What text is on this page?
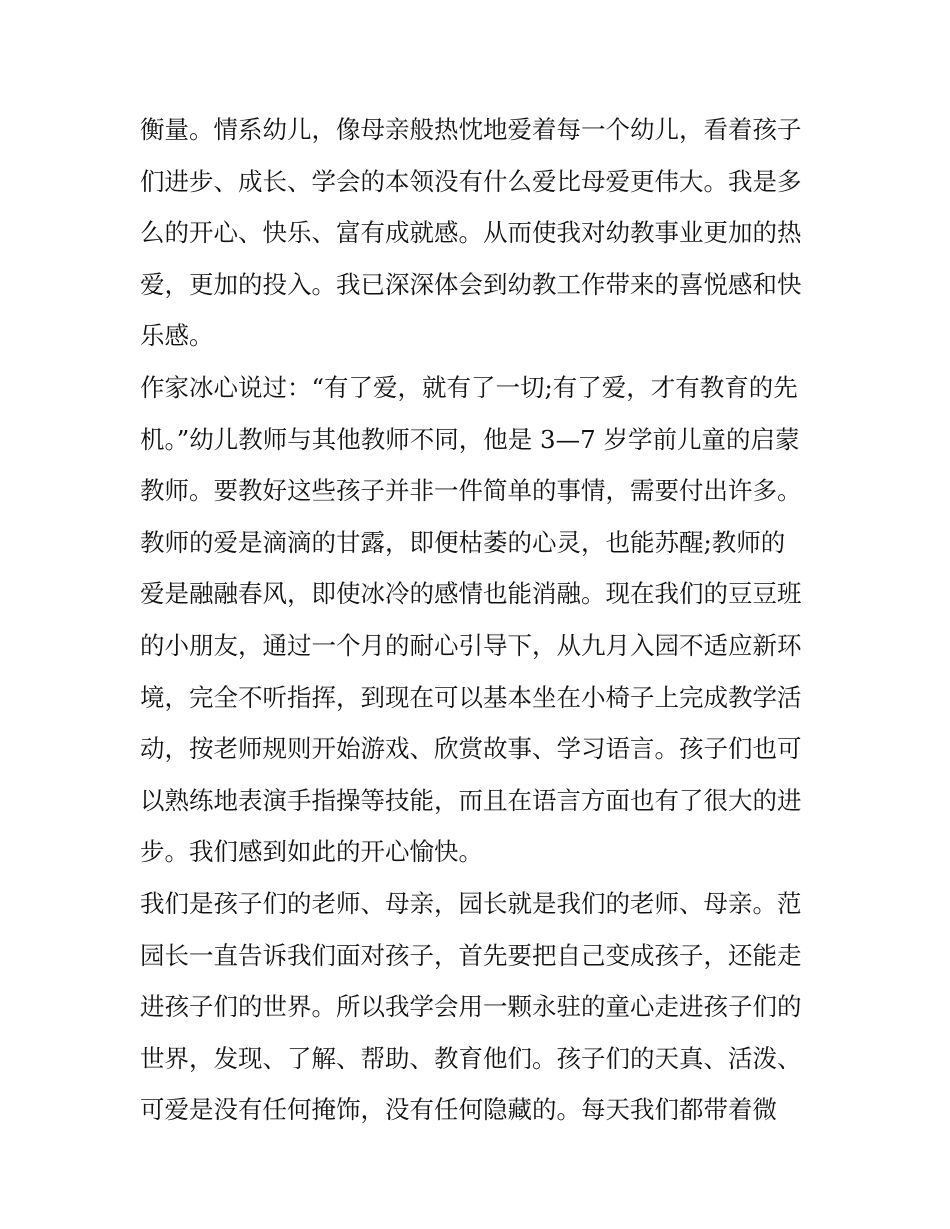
衡量。情系幼儿，像母亲般热忱地爱着每一个幼儿，看着孩子
们进步、成长、学会的本领没有什么爱比母爱更伟大。我是多
么的开心、快乐、富有成就感。从而使我对幼教事业更加的热
爱，更加的投入。我已深深体会到幼教工作带来的喜悦感和快
乐感。
作家冰心说过：“有了爱，就有了一切;有了爱，才有教育的先
机。”幼儿教师与其他教师不同，他是 3—7 岁学前儿童的启蒙
教师。要教好这些孩子并非一件简单的事情，需要付出许多。
教师的爱是滴滴的甘露，即便枯萎的心灵，也能苏醒;教师的
爱是融融春风，即使冰冷的感情也能消融。现在我们的豆豆班
的小朋友，通过一个月的耐心引导下，从九月入园不适应新环
境，完全不听指挥，到现在可以基本坐在小椅子上完成教学活
动，按老师规则开始游戏、欣赏故事、学习语言。孩子们也可
以熟练地表演手指操等技能，而且在语言方面也有了很大的进
步。我们感到如此的开心愉快。
我们是孩子们的老师、母亲，园长就是我们的老师、母亲。范
园长一直告诉我们面对孩子，首先要把自己变成孩子，还能走
进孩子们的世界。所以我学会用一颗永驻的童心走进孩子们的
世界，发现、了解、帮助、教育他们。孩子们的天真、活泼、
可爱是没有任何掩饰，没有任何隐藏的。每天我们都带着微
